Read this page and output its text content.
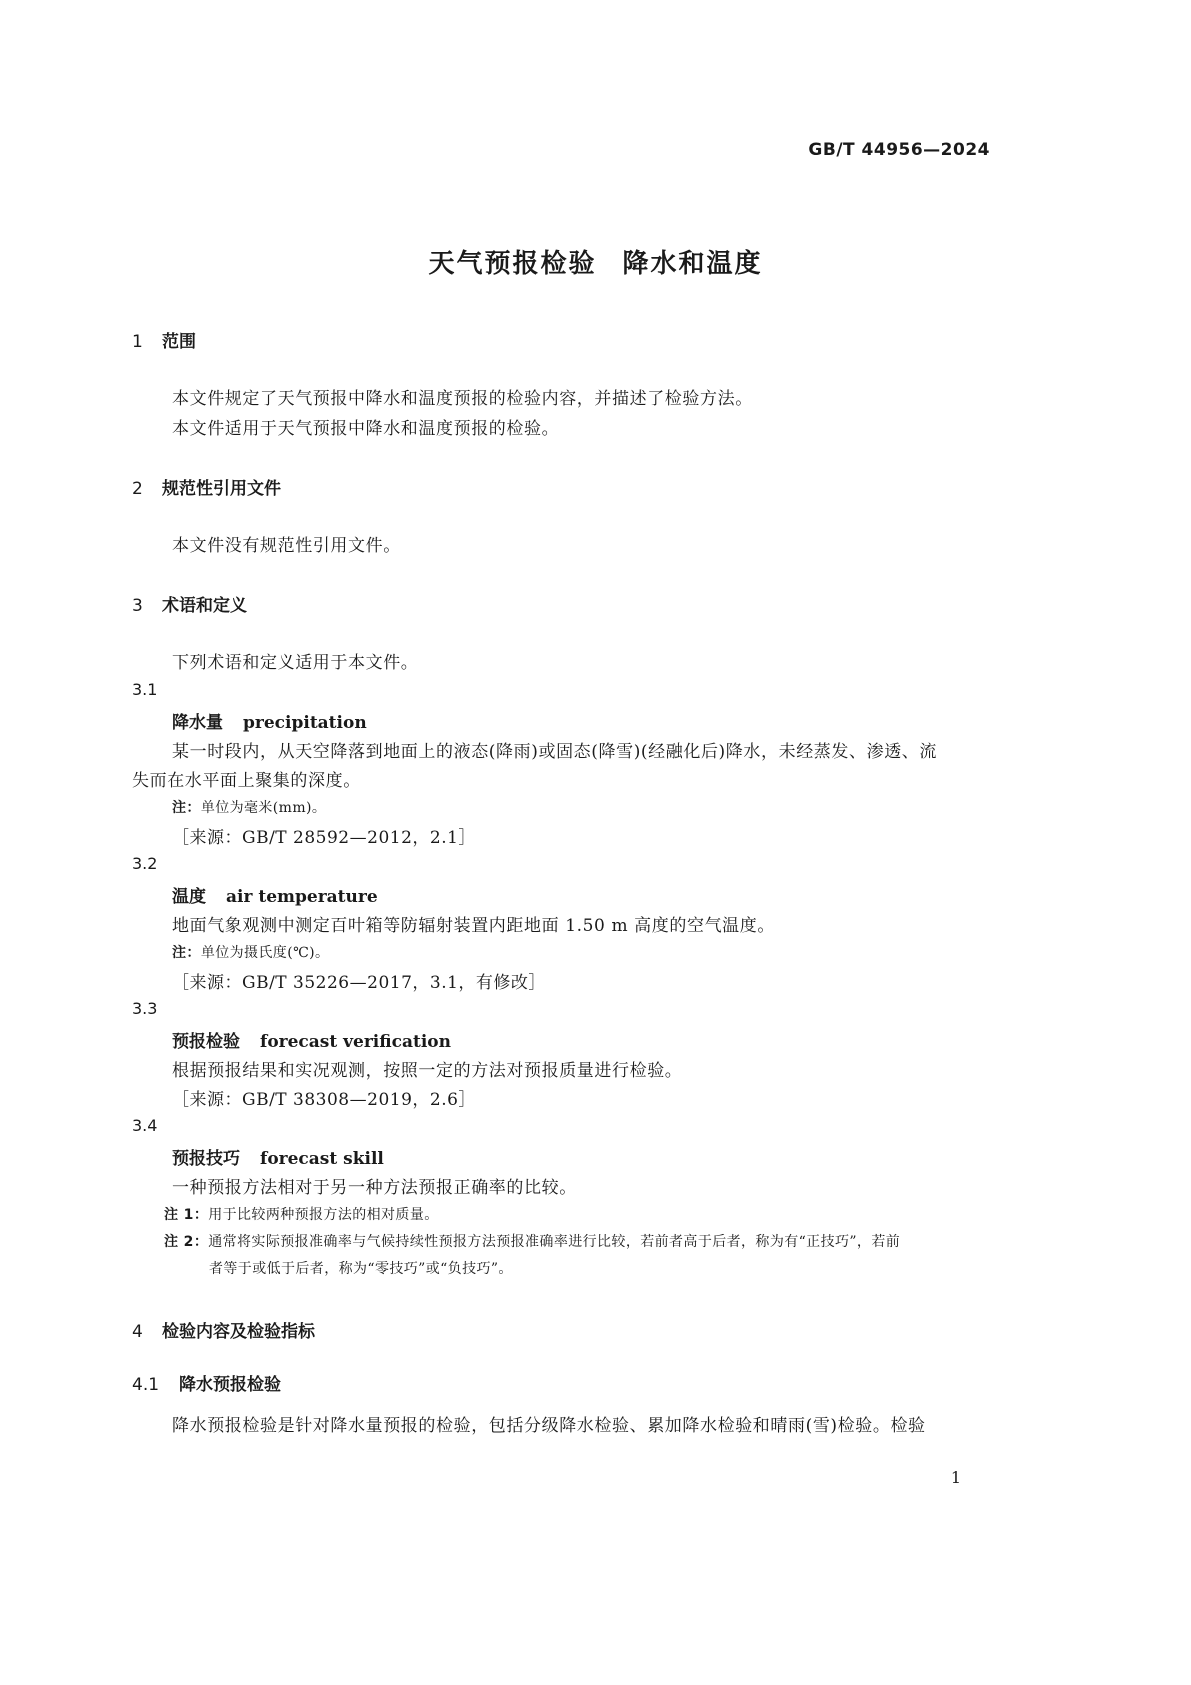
GB/T 44956—2024
天气预报检验 降水和温度
1 范围
本文件规定了天气预报中降水和温度预报的检验内容，并描述了检验方法。
本文件适用于天气预报中降水和温度预报的检验。
2 规范性引用文件
本文件没有规范性引用文件。
3 术语和定义
下列术语和定义适用于本文件。
3.1
降水量 precipitation
某一时段内，从天空降落到地面上的液态(降雨)或固态(降雪)(经融化后)降水，未经蒸发、渗透、流
失而在水平面上聚集的深度。
注：单位为毫米(mm)。
［来源：GB/T 28592—2012，2.1］
3.2
温度 air temperature
地面气象观测中测定百叶箱等防辐射装置内距地面 1.50 m 高度的空气温度。
注：单位为摄氏度(℃)。
［来源：GB/T 35226—2017，3.1，有修改］
3.3
预报检验 forecast verification
根据预报结果和实况观测，按照一定的方法对预报质量进行检验。
［来源：GB/T 38308—2019，2.6］
3.4
预报技巧 forecast skill
一种预报方法相对于另一种方法预报正确率的比较。
注 1：用于比较两种预报方法的相对质量。
注 2：通常将实际预报准确率与气候持续性预报方法预报准确率进行比较，若前者高于后者，称为有“正技巧”，若前
者等于或低于后者，称为“零技巧”或“负技巧”。
4 检验内容及检验指标
4.1 降水预报检验
降水预报检验是针对降水量预报的检验，包括分级降水检验、累加降水检验和晴雨(雪)检验。检验
1
